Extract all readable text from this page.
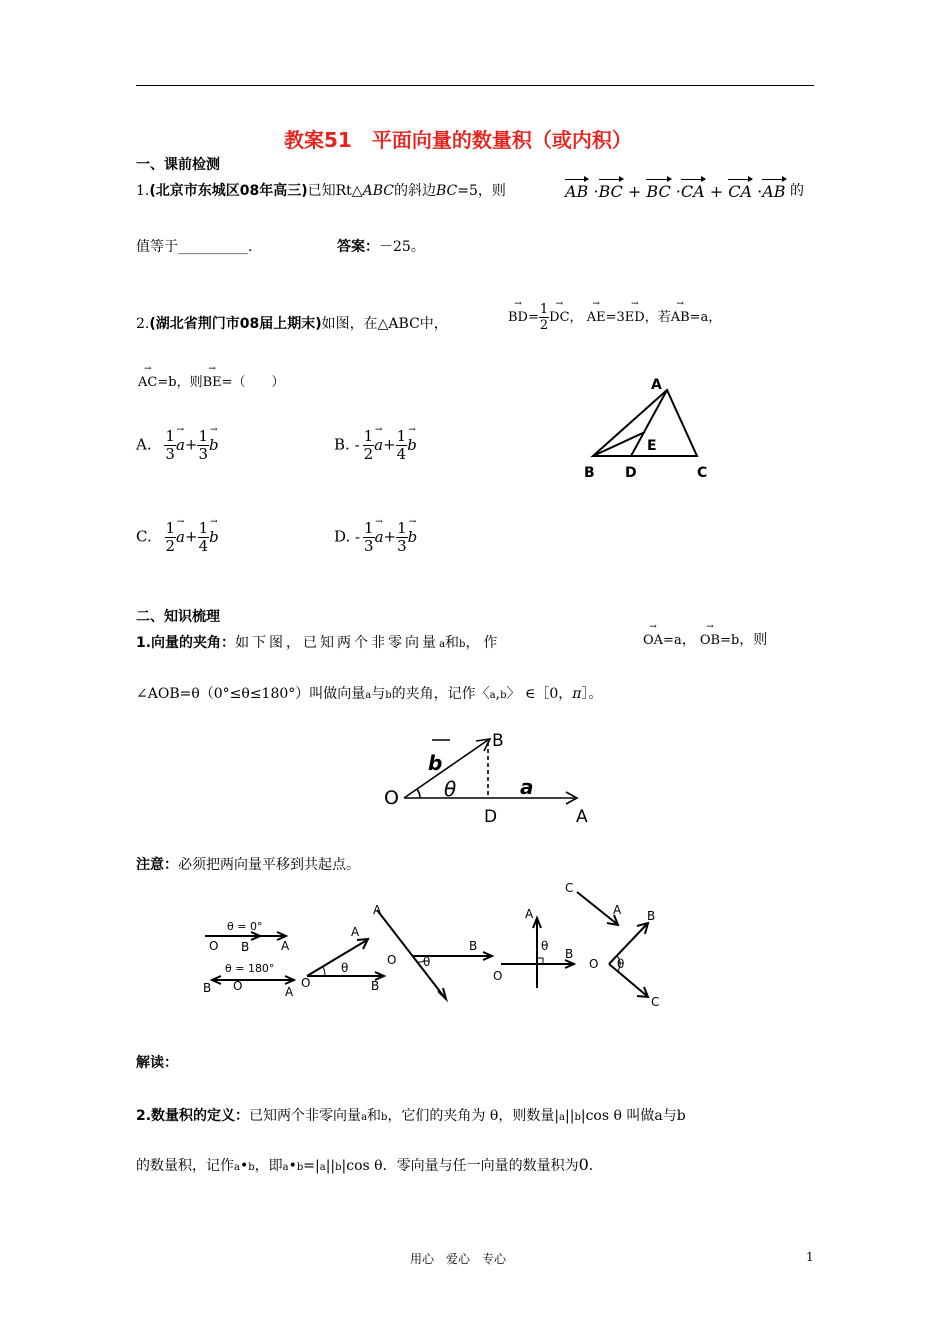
教案51　平面向量的数量积（或内积）
一、课前检测
1.(北京市东城区08年高三)已知Rt△ABC的斜边BC=5，则	AB ·BC + BC ·CA + CA ·AB 的
值等于__________.	答案：－25。
2.(湖北省荆门市08届上期末)如图，在△ABC中，	BD →= $\frac{1}{2}$ DC →， AE →=3ED →，若AB →=a，
AC →=b，则BE →=（　　）
A. $\frac{1}{3}$ $a \to+ \frac{1}{3}$ b →	B. - $\frac{1}{2}$ $a \to+ \frac{1}{4}$ b →
C. $\frac{1}{2}$ $a \to+ \frac{1}{4}$ b →	D. - $\frac{1}{3}$ $a \to+ \frac{1}{3}$ b →
A
E
B D	C
二、知识梳理
1.向量的夹角：如下图，已知两个非零向量a和b，作	OA →=a， OB →=b，则
∠AOB=θ（0°≤θ≤180°）叫做向量a与b的夹角，记作〈a,b〉 ∈［0，π］。
B
b
O θ	a
D	A
注意：必须把两向量平移到共起点。
θ = 0°
θ = 180°
O B	A
B O	A
O
A
θ
B
A
O θ
B
A
θ
B
O
C
A B
O θ
C
解读：
2.数量积的定义：已知两个非零向量a和b，它们的夹角为 θ，则数量|a||b|cos θ 叫做a与b
的数量积，记作a•b，即a•b=|a||b|cos θ．零向量与任一向量的数量积为0．
用心　爱心　专心	1
